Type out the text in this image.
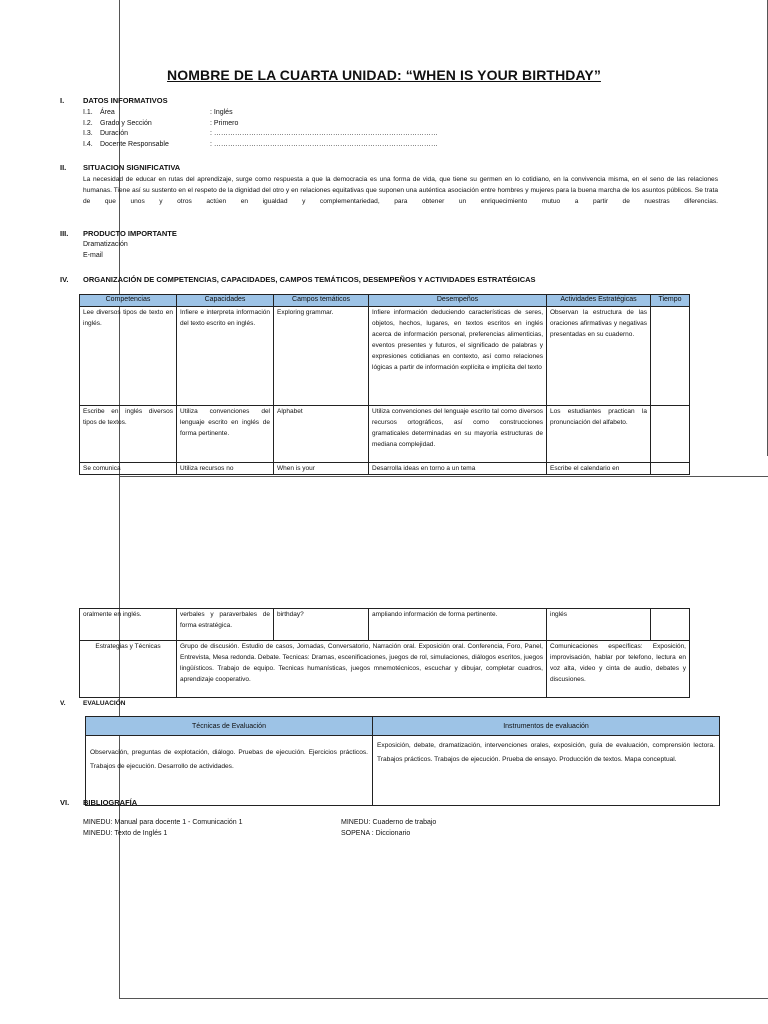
NOMBRE DE LA CUARTA UNIDAD: “WHEN IS YOUR BIRTHDAY”
I.	DATOS INFORMATIVOS
I.1. Área	: Inglés
I.2. Grado y Sección	: Primero
I.3. Duración	: ……………………………………………………………………………………
I.4. Docente Responsable	: ……………………………………………………………………………………
II. SITUACION SIGNIFICATIVA
La necesidad de educar en rutas del aprendizaje, surge como respuesta a que la democracia es una forma de vida, que tiene su germen en lo cotidiano, en la convivencia misma, en el seno de las relaciones humanas. Tiene así su sustento en el respeto de la dignidad del otro y en relaciones equitativas que suponen una auténtica asociación entre hombres y mujeres para la buena marcha de los asuntos públicos. Se trata de que unos y otros actúen en igualdad y complementariedad, para obtener un enriquecimiento mutuo a partir de nuestras diferencias.
III. PRODUCTO IMPORTANTE
Dramatización
E-mail
IV. ORGANIZACIÓN DE COMPETENCIAS, CAPACIDADES, CAMPOS TEMÁTICOS, DESEMPEÑOS Y ACTIVIDADES ESTRATÉGICAS
Competencias	Capacidades	Campos temáticos	Desempeños	Actividades Estratégicas	Tiempo
Lee diversos tipos de texto en inglés.	Infiere e interpreta información del texto escrito en inglés.	Exploring grammar.	Infiere información deduciendo características de seres, objetos, hechos, lugares, en textos escritos en inglés acerca de información personal, preferencias alimenticias, eventos presentes y futuros, el significado de palabras y expresiones cotidianas en contexto, así como relaciones lógicas a partir de información explícita e implícita del texto	Observan la estructura de las oraciones afirmativas y negativas presentadas en su cuaderno.	
Escribe en inglés diversos tipos de textos.	Utiliza convenciones del lenguaje escrito en inglés de forma pertinente.	Alphabet	Utiliza convenciones del lenguaje escrito tal como diversos recursos ortográficos, así como construcciones gramaticales determinadas en su mayoría estructuras de mediana complejidad.	Los estudiantes practican la pronunciación del alfabeto.	
Se comunica	Utiliza recursos no	When is your	Desarrolla ideas en torno a un tema	Escribe el calendario en	
oralmente en inglés.	verbales y paraverbales de forma estratégica.	birthday?	ampliando información de forma pertinente.	inglés	
Estrategias y Técnicas	Grupo de discusión. Estudio de casos, Jornadas, Conversatorio, Narración oral. Exposición oral. Conferencia, Foro, Panel, Entrevista, Mesa redonda. Debate. Tecnicas: Dramas, escenificaciones, juegos de rol, simulaciones, diálogos escritos, juegos lingüísticos. Trabajo de equipo. Tecnicas humanísticas, juegos mnemotécnicos, escuchar y dibujar, completar cuadros, aprendizaje cooperativo.			Comunicaciones específicas: Exposición, improvisación, hablar por telefono, lectura en voz alta, video y cinta de audio, debates y discusiones.	
V.	EVALUACIÓN
Técnicas de Evaluación	Instrumentos de evaluación
Observación, preguntas de explotación, diálogo. Pruebas de ejecución. Ejercicios prácticos. Trabajos de ejecución. Desarrollo de actividades.	Exposición, debate, dramatización, intervenciones orales, exposición, guía de evaluación, comprensión lectora. Trabajos prácticos. Trabajos de ejecución. Prueba de ensayo. Producción de textos. Mapa conceptual.
VI. BIBLIOGRAFÍA
MINEDU: Manual para docente 1 - Comunicación 1
MINEDU: Texto de Inglés 1
MINEDU: Cuaderno de trabajo
SOPENA : Diccionario
